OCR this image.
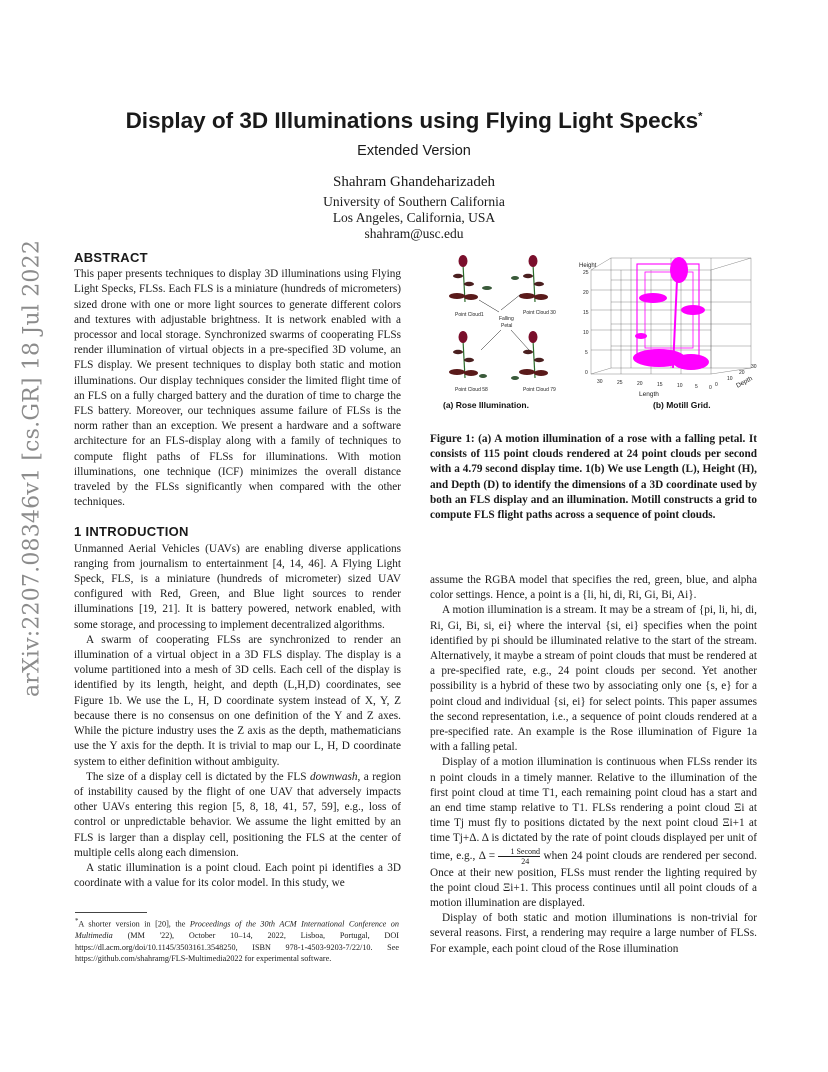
arXiv:2207.08346v1 [cs.GR] 18 Jul 2022
Display of 3D Illuminations using Flying Light Specks*
Extended Version
Shahram Ghandeharizadeh
University of Southern California
Los Angeles, California, USA
shahram@usc.edu
ABSTRACT

This paper presents techniques to display 3D illuminations using Flying Light Specks, FLSs. Each FLS is a miniature (hundreds of micrometers) sized drone with one or more light sources to generate different colors and textures with adjustable brightness. It is network enabled with a processor and local storage. Synchronized swarms of cooperating FLSs render illumination of virtual objects in a pre-specified 3D volume, an FLS display. We present techniques to display both static and motion illuminations. Our display techniques consider the limited flight time of an FLS on a fully charged battery and the duration of time to charge the FLS battery. Moreover, our techniques assume failure of FLSs is the norm rather than an exception. We present a hardware and a software architecture for an FLS-display along with a family of techniques to compute flight paths of FLSs for illuminations. With motion illuminations, one technique (ICF) minimizes the overall distance traveled by the FLSs significantly when compared with the other techniques.

1 INTRODUCTION

Unmanned Aerial Vehicles (UAVs) are enabling diverse applications ranging from journalism to entertainment [4, 14, 46]. A Flying Light Speck, FLS, is a miniature (hundreds of micrometer) sized UAV configured with Red, Green, and Blue light sources to render illuminations [19, 21]. It is battery powered, network enabled, with some storage, and processing to implement decentralized algorithms.

A swarm of cooperating FLSs are synchronized to render an illumination of a virtual object in a 3D FLS display. The display is a volume partitioned into a mesh of 3D cells. Each cell of the display is identified by its length, height, and depth (L,H,D) coordinates, see Figure 1b. We use the L, H, D coordinate system instead of X, Y, Z because there is no consensus on one definition of the Y and Z axes. While the picture industry uses the Z axis as the depth, mathematicians use the Y axis for the depth. It is trivial to map our L, H, D coordinate system to either definition without ambiguity.

The size of a display cell is dictated by the FLS downwash, a region of instability caused by the flight of one UAV that adversely impacts other UAVs entering this region [5, 8, 18, 41, 57, 59], e.g., loss of control or unpredictable behavior. We assume the light emitted by an FLS is larger than a display cell, positioning the FLS at the center of multiple cells along each dimension.

A static illumination is a point cloud. Each point pi identifies a 3D coordinate with a value for its color model. In this study, we

*A shorter version in [20], the Proceedings of the 30th ACM International Conference on Multimedia (MM '22), October 10–14, 2022, Lisboa, Portugal, DOI https://dl.acm.org/doi/10.1145/3503161.3548250, ISBN 978-1-4503-9203-7/22/10. See https://github.com/shahramg/FLS-Multimedia2022 for experimental software.
Point Cloud1	Point Cloud 30
Point Cloud 58	Point Cloud 79
Falling
Petal
(a) Rose Illumination.
Height
25
20
15
10
5
0
30	25	20	15	10 5 0 0
10
20
30
Length
Depth
(b) Motill Grid.
Figure 1: (a) A motion illumination of a rose with a falling petal. It consists of 115 point clouds rendered at 24 point clouds per second with a 4.79 second display time. 1(b) We use Length (L), Height (H), and Depth (D) to identify the dimensions of a 3D coordinate used by both an FLS display and an illumination. Motill constructs a grid to compute FLS flight paths across a sequence of point clouds.

assume the RGBA model that specifies the red, green, blue, and alpha color settings. Hence, a point is a {li, hi, di, Ri, Gi, Bi, Ai}.

A motion illumination is a stream. It may be a stream of {pi, li, hi, di, Ri, Gi, Bi, si, ei} where the interval {si, ei} specifies when the point identified by pi should be illuminated relative to the start of the stream. Alternatively, it maybe a stream of point clouds that must be rendered at a pre-specified rate, e.g., 24 point clouds per second. Yet another possibility is a hybrid of these two by associating only one {s, e} for a point cloud and individual {si, ei} for select points. This paper assumes the second representation, i.e., a sequence of point clouds rendered at a pre-specified rate. An example is the Rose illumination of Figure 1a with a falling petal.

Display of a motion illumination is continuous when FLSs render its n point clouds in a timely manner. Relative to the illumination of the first point cloud at time T1, each remaining point cloud has a start and an end time stamp relative to T1. FLSs rendering a point cloud Ξi at time Tj must fly to positions dictated by the next point cloud Ξi+1 at time Tj+Δ. Δ is dictated by the rate of point clouds displayed per unit of time, e.g., $\Delta = \frac{\text{1 Second}}{24}$ when 24 point clouds are rendered per second. Once at their new position, FLSs must render the lighting required by the point cloud Ξi+1. This process continues until all point clouds of a motion illumination are displayed.

Display of both static and motion illuminations is non-trivial for several reasons. First, a rendering may require a large number of FLSs. For example, each point cloud of the Rose illumination
